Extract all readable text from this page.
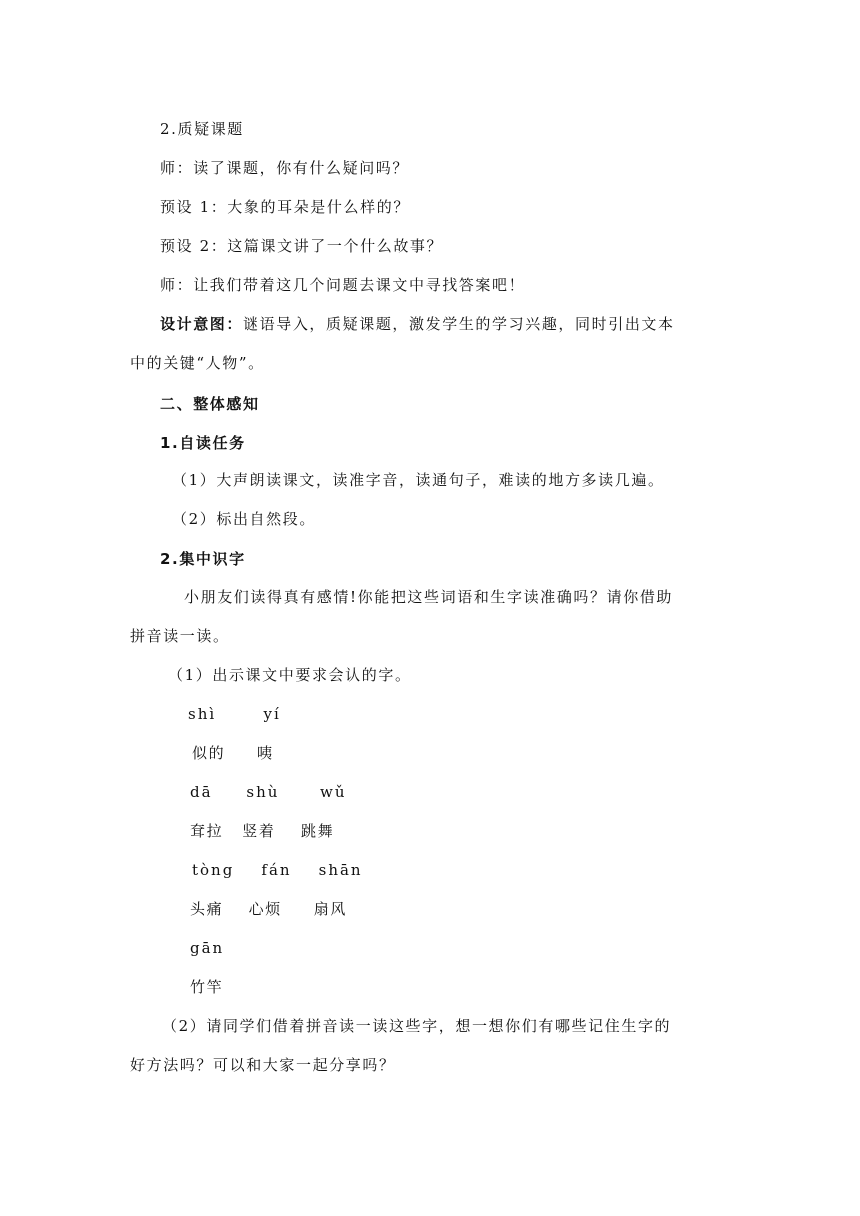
2.质疑课题
师：读了课题，你有什么疑问吗？
预设 1：大象的耳朵是什么样的？
预设 2：这篇课文讲了一个什么故事？
师：让我们带着这几个问题去课文中寻找答案吧！
设计意图：谜语导入，质疑课题，激发学生的学习兴趣，同时引出文本
中的关键“人物”。
二、整体感知
1.自读任务
（1）大声朗读课文，读准字音，读通句子，难读的地方多读几遍。
（2）标出自然段。
2.集中识字
小朋友们读得真有感情!你能把这些词语和生字读准确吗？请你借助
拼音读一读。
（1）出示课文中要求会认的字。
shì       yí
似的     咦
dā     shù      wǔ
耷拉   竖着    跳舞
tòng    fán    shān
头痛    心烦     扇风
gān
竹竿
（2）请同学们借着拼音读一读这些字，想一想你们有哪些记住生字的
好方法吗？可以和大家一起分享吗？
